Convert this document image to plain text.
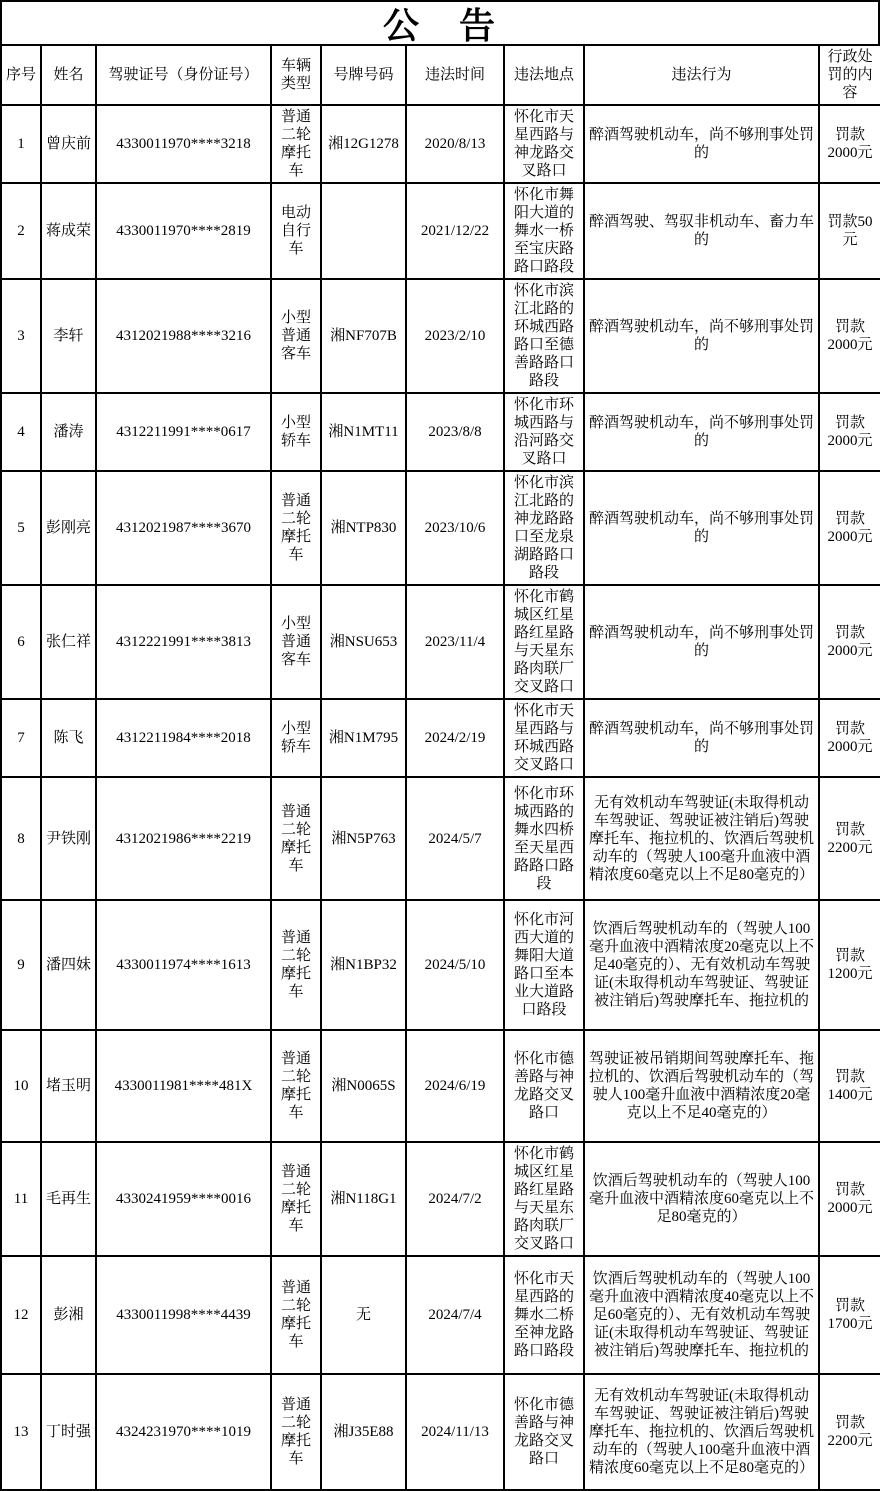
公　告
序号	姓名	驾驶证号（身份证号）	车辆类型	号牌号码	违法时间	违法地点	违法行为	行政处罚的内容
1	曾庆前	4330011970****3218	普通二轮摩托车	湘12G1278	2020/8/13	怀化市天星西路与神龙路交叉路口	醉酒驾驶机动车，尚不够刑事处罚的	罚款2000元
2	蒋成荣	4330011970****2819	电动自行车		2021/12/22	怀化市舞阳大道的舞水一桥至宝庆路路口路段	醉酒驾驶、驾驭非机动车、畜力车的	罚款50元
3	李轩	4312021988****3216	小型普通客车	湘NF707B	2023/2/10	怀化市滨江北路的环城西路路口至德善路路口路段	醉酒驾驶机动车，尚不够刑事处罚的	罚款2000元
4	潘涛	4312211991****0617	小型轿车	湘N1MT11	2023/8/8	怀化市环城西路与沿河路交叉路口	醉酒驾驶机动车，尚不够刑事处罚的	罚款2000元
5	彭刚亮	4312021987****3670	普通二轮摩托车	湘NTP830	2023/10/6	怀化市滨江北路的神龙路路口至龙泉湖路路口路段	醉酒驾驶机动车，尚不够刑事处罚的	罚款2000元
6	张仁祥	4312221991****3813	小型普通客车	湘NSU653	2023/11/4	怀化市鹤城区红星路红星路与天星东路肉联厂交叉路口	醉酒驾驶机动车，尚不够刑事处罚的	罚款2000元
7	陈飞	4312211984****2018	小型轿车	湘N1M795	2024/2/19	怀化市天星西路与环城西路交叉路口	醉酒驾驶机动车，尚不够刑事处罚的	罚款2000元
8	尹铁刚	4312021986****2219	普通二轮摩托车	湘N5P763	2024/5/7	怀化市环城西路的舞水四桥至天星西路路口路段	无有效机动车驾驶证(未取得机动车驾驶证、驾驶证被注销后)驾驶摩托车、拖拉机的、饮酒后驾驶机动车的（驾驶人100毫升血液中酒精浓度60毫克以上不足80毫克的）	罚款2200元
9	潘四妹	4330011974****1613	普通二轮摩托车	湘N1BP32	2024/5/10	怀化市河西大道的舞阳大道路口至本业大道路口路段	饮酒后驾驶机动车的（驾驶人100毫升血液中酒精浓度20毫克以上不足40毫克的）、无有效机动车驾驶证(未取得机动车驾驶证、驾驶证被注销后)驾驶摩托车、拖拉机的	罚款1200元
10	堵玉明	4330011981****481X	普通二轮摩托车	湘N0065S	2024/6/19	怀化市德善路与神龙路交叉路口	驾驶证被吊销期间驾驶摩托车、拖拉机的、饮酒后驾驶机动车的（驾驶人100毫升血液中酒精浓度20毫克以上不足40毫克的）	罚款1400元
11	毛再生	4330241959****0016	普通二轮摩托车	湘N118G1	2024/7/2	怀化市鹤城区红星路红星路与天星东路肉联厂交叉路口	饮酒后驾驶机动车的（驾驶人100毫升血液中酒精浓度60毫克以上不足80毫克的）	罚款2000元
12	彭湘	4330011998****4439	普通二轮摩托车	无	2024/7/4	怀化市天星西路的舞水二桥至神龙路路口路段	饮酒后驾驶机动车的（驾驶人100毫升血液中酒精浓度40毫克以上不足60毫克的）、无有效机动车驾驶证(未取得机动车驾驶证、驾驶证被注销后)驾驶摩托车、拖拉机的	罚款1700元
13	丁时强	4324231970****1019	普通二轮摩托车	湘J35E88	2024/11/13	怀化市德善路与神龙路交叉路口	无有效机动车驾驶证(未取得机动车驾驶证、驾驶证被注销后)驾驶摩托车、拖拉机的、饮酒后驾驶机动车的（驾驶人100毫升血液中酒精浓度60毫克以上不足80毫克的）	罚款2200元
